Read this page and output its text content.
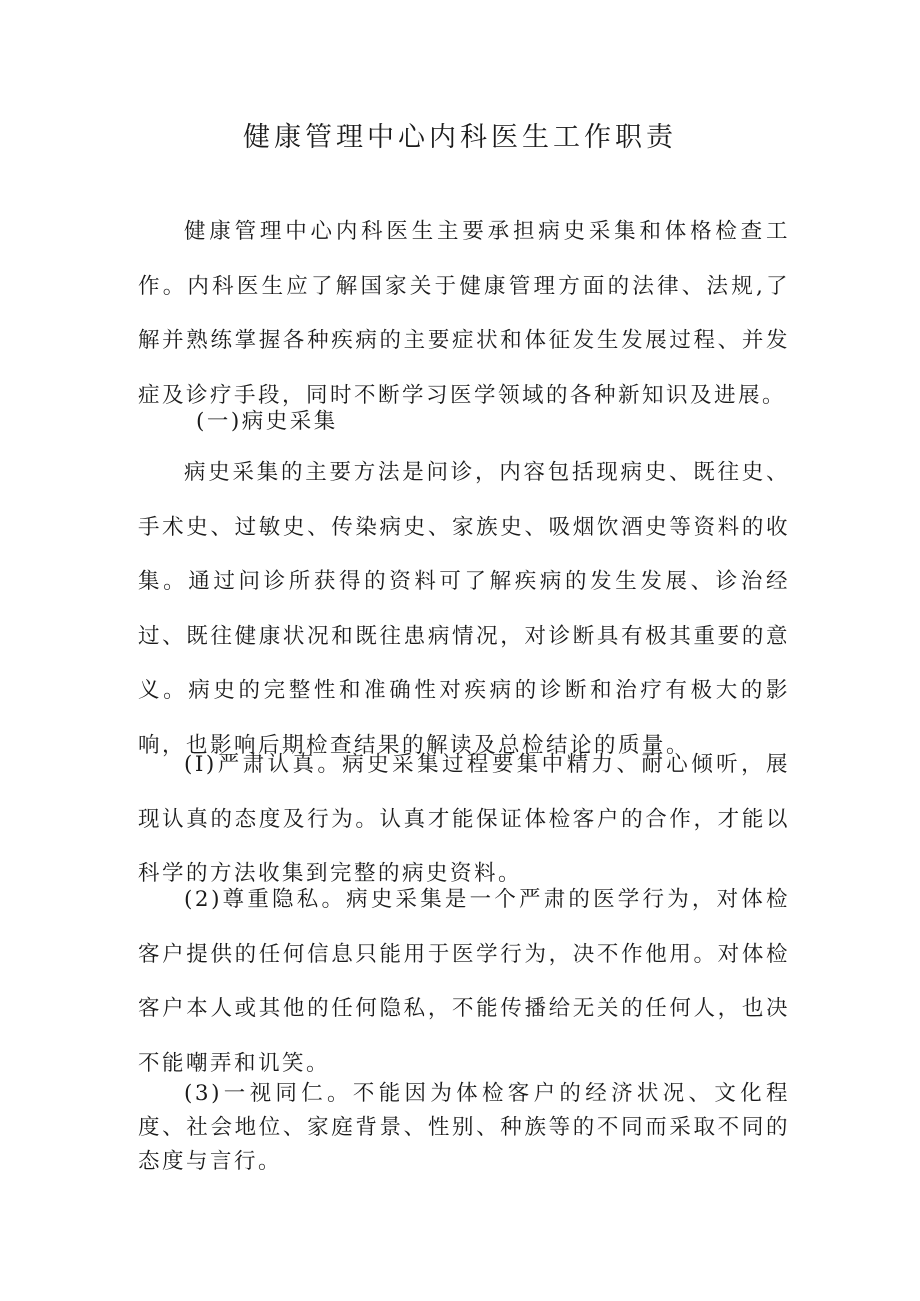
健康管理中心内科医生工作职责

健康管理中心内科医生主要承担病史采集和体格检查工作。内科医生应了解国家关于健康管理方面的法律、法规,了解并熟练掌握各种疾病的主要症状和体征发生发展过程、并发症及诊疗手段，同时不断学习医学领域的各种新知识及进展。

(一)病史采集

病史采集的主要方法是问诊，内容包括现病史、既往史、手术史、过敏史、传染病史、家族史、吸烟饮酒史等资料的收集。通过问诊所获得的资料可了解疾病的发生发展、诊治经过、既往健康状况和既往患病情况，对诊断具有极其重要的意义。病史的完整性和准确性对疾病的诊断和治疗有极大的影响，也影响后期检查结果的解读及总检结论的质量。

(I)严肃认真。病史采集过程要集中精力、耐心倾听，展现认真的态度及行为。认真才能保证体检客户的合作，才能以科学的方法收集到完整的病史资料。

(2)尊重隐私。病史采集是一个严肃的医学行为，对体检客户提供的任何信息只能用于医学行为，决不作他用。对体检客户本人或其他的任何隐私，不能传播给无关的任何人，也决不能嘲弄和讥笑。

(3)一视同仁。不能因为体检客户的经济状况、文化程度、社会地位、家庭背景、性别、种族等的不同而采取不同的态度与言行。
